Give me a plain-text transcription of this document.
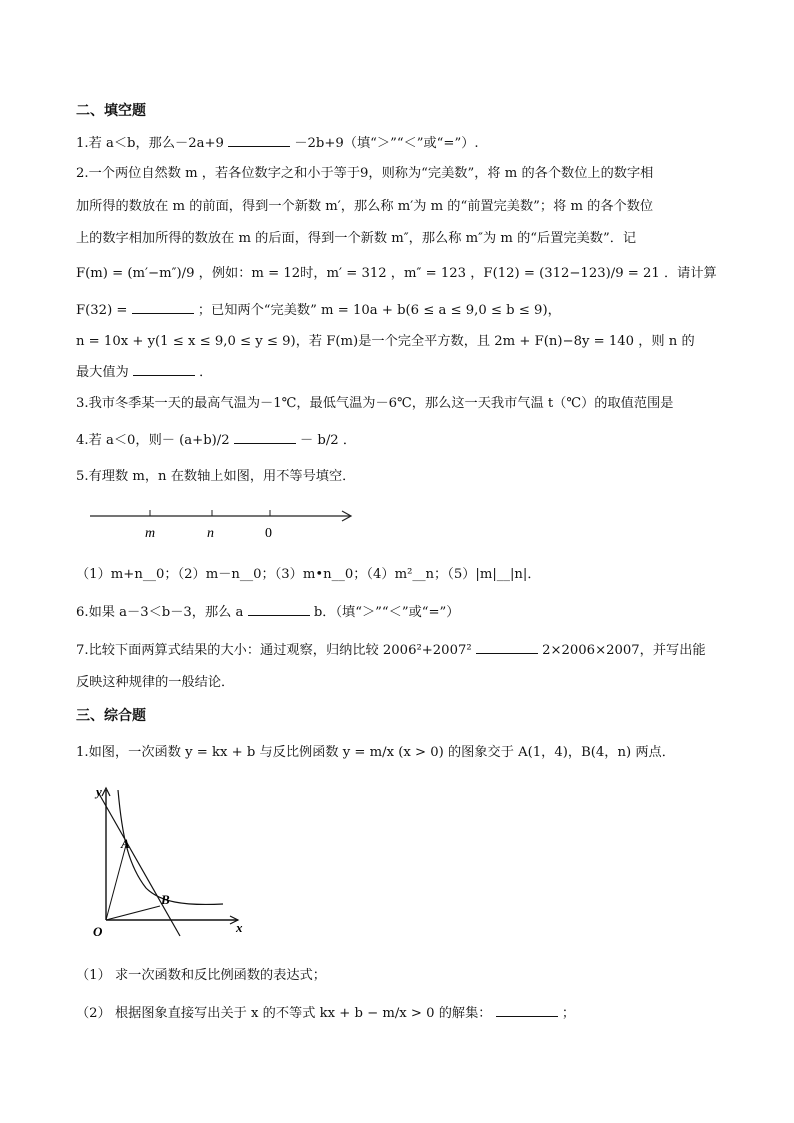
二、填空题
1.若 a＜b，那么－2a+9	－2b+9（填“＞”“＜”或“=”）.
2.一个两位自然数 m ，若各位数字之和小于等于9，则称为“完美数”，将 m 的各个数位上的数字相
加所得的数放在 m 的前面，得到一个新数 m′，那么称 m′为 m 的“前置完美数”；将 m 的各个数位
上的数字相加所得的数放在 m 的后面，得到一个新数 m″，那么称 m″为 m 的“后置完美数”．记
F(m) = (m′−m″)/9 ，例如：m = 12时，m′ = 312 ，m″ = 123 ，F(12) = (312−123)/9 = 21 ．请计算
F(32) =	；已知两个“完美数” m = 10a + b(6 ≤ a ≤ 9,0 ≤ b ≤ 9)，
n = 10x + y(1 ≤ x ≤ 9,0 ≤ y ≤ 9)，若 F(m)是一个完全平方数，且 2m + F(n)−8y = 140 ，则 n 的
最大值为	．
3.我市冬季某一天的最高气温为－1℃，最低气温为－6℃，那么这一天我市气温 t（℃）的取值范围是
4.若 a＜0，则－ (a+b)/2	－ b/2 ．
5.有理数 m，n 在数轴上如图，用不等号填空．
m	n	0
（1）m+n__0；（2）m－n__0；（3）m•n__0；（4）m²__n；（5）|m|__|n|．
6.如果 a－3＜b－3，那么 a	b．（填“＞”“＜”或“=”）
7.比较下面两算式结果的大小：通过观察，归纳比较 2006²+2007²	2×2006×2007，并写出能
反映这种规律的一般结论．
三、综合题
1.如图，一次函数 y = kx + b 与反比例函数 y = m/x (x > 0) 的图象交于 A(1，4)，B(4，n) 两点．
y
x
O
A
B
（1） 求一次函数和反比例函数的表达式；
（2） 根据图象直接写出关于 x 的不等式 kx + b − m/x > 0 的解集：	；
